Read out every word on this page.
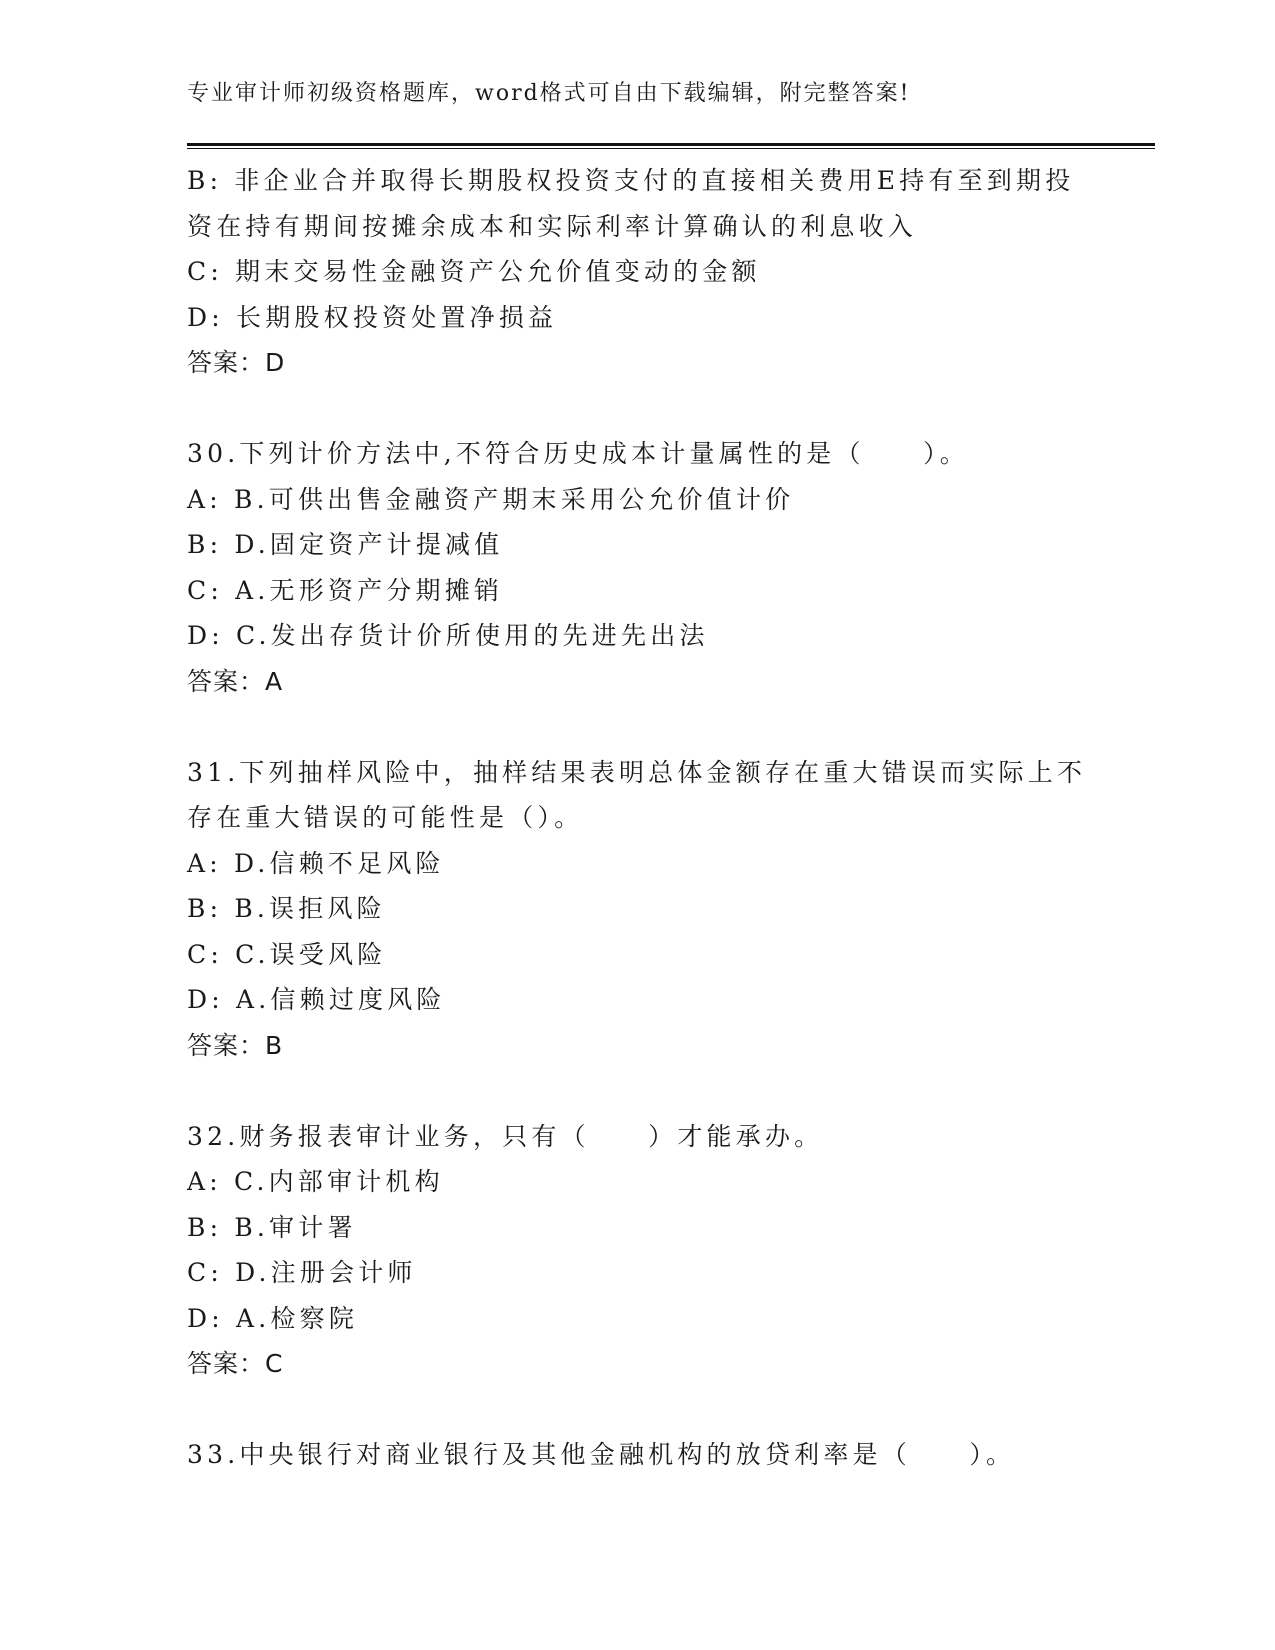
专业审计师初级资格题库，word格式可自由下载编辑，附完整答案!
B: 非企业合并取得长期股权投资支付的直接相关费用E持有至到期投
资在持有期间按摊余成本和实际利率计算确认的利息收入
C: 期末交易性金融资产公允价值变动的金额
D: 长期股权投资处置净损益
答案：D
30.下列计价方法中,不符合历史成本计量属性的是（　　）。
A: B.可供出售金融资产期末采用公允价值计价
B: D.固定资产计提减值
C: A.无形资产分期摊销
D: C.发出存货计价所使用的先进先出法
答案：A
31.下列抽样风险中，抽样结果表明总体金额存在重大错误而实际上不
存在重大错误的可能性是（）。
A: D.信赖不足风险
B: B.误拒风险
C: C.误受风险
D: A.信赖过度风险
答案：B
32.财务报表审计业务，只有（　　）才能承办。
A: C.内部审计机构
B: B.审计署
C: D.注册会计师
D: A.检察院
答案：C
33.中央银行对商业银行及其他金融机构的放贷利率是（　　）。
